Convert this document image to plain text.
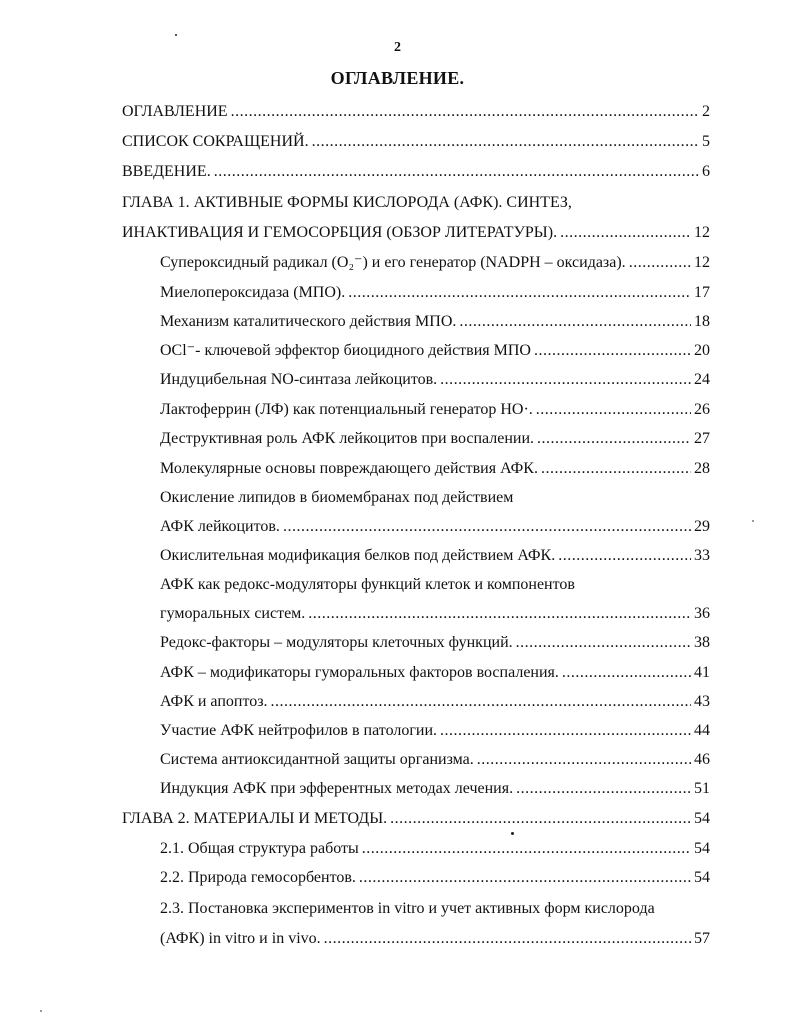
2
ОГЛАВЛЕНИЕ.
ОГЛАВЛЕНИЕ .....	2
СПИСОК СОКРАЩЕНИЙ. .....	5
ВВЕДЕНИЕ. .....	6
ГЛАВА 1. АКТИВНЫЕ ФОРМЫ КИСЛОРОДА (АФК). СИНТЕЗ,
ИНАКТИВАЦИЯ И ГЕМОСОРБЦИЯ (ОБЗОР ЛИТЕРАТУРЫ). .....	12
Супероксидный радикал (O₂⁻) и его генератор (NADPH – оксидаза). .....	12
Миелопероксидаза (МПО). .....	17
Механизм каталитического действия МПО. .....	18
OCl⁻- ключевой эффектор биоцидного действия МПО .....	20
Индуцибельная NO-синтаза лейкоцитов. .....	24
Лактоферрин (ЛФ) как потенциальный генератор HO·. .....	26
Деструктивная роль АФК лейкоцитов при воспалении. .....	27
Молекулярные основы повреждающего действия АФК. .....	28
Окисление липидов в биомембранах под действием
АФК лейкоцитов. .....	29
Окислительная модификация белков под действием АФК. .....	33
АФК как редокс-модуляторы функций клеток и компонентов
гуморальных систем. .....	36
Редокс-факторы – модуляторы клеточных функций. .....	38
АФК – модификаторы гуморальных факторов воспаления. .....	41
АФК и апоптоз. .....	43
Участие АФК нейтрофилов в патологии. .....	44
Система антиоксидантной защиты организма. .....	46
Индукция АФК при эфферентных методах лечения. .....	51
ГЛАВА 2. МАТЕРИАЛЫ И МЕТОДЫ. .....	54
2.1. Общая структура работы .....	54
2.2. Природа гемосорбентов. .....	54
2.3. Постановка экспериментов in vitro и учет активных форм кислорода
(АФК) in vitro и in vivo. .....	57
